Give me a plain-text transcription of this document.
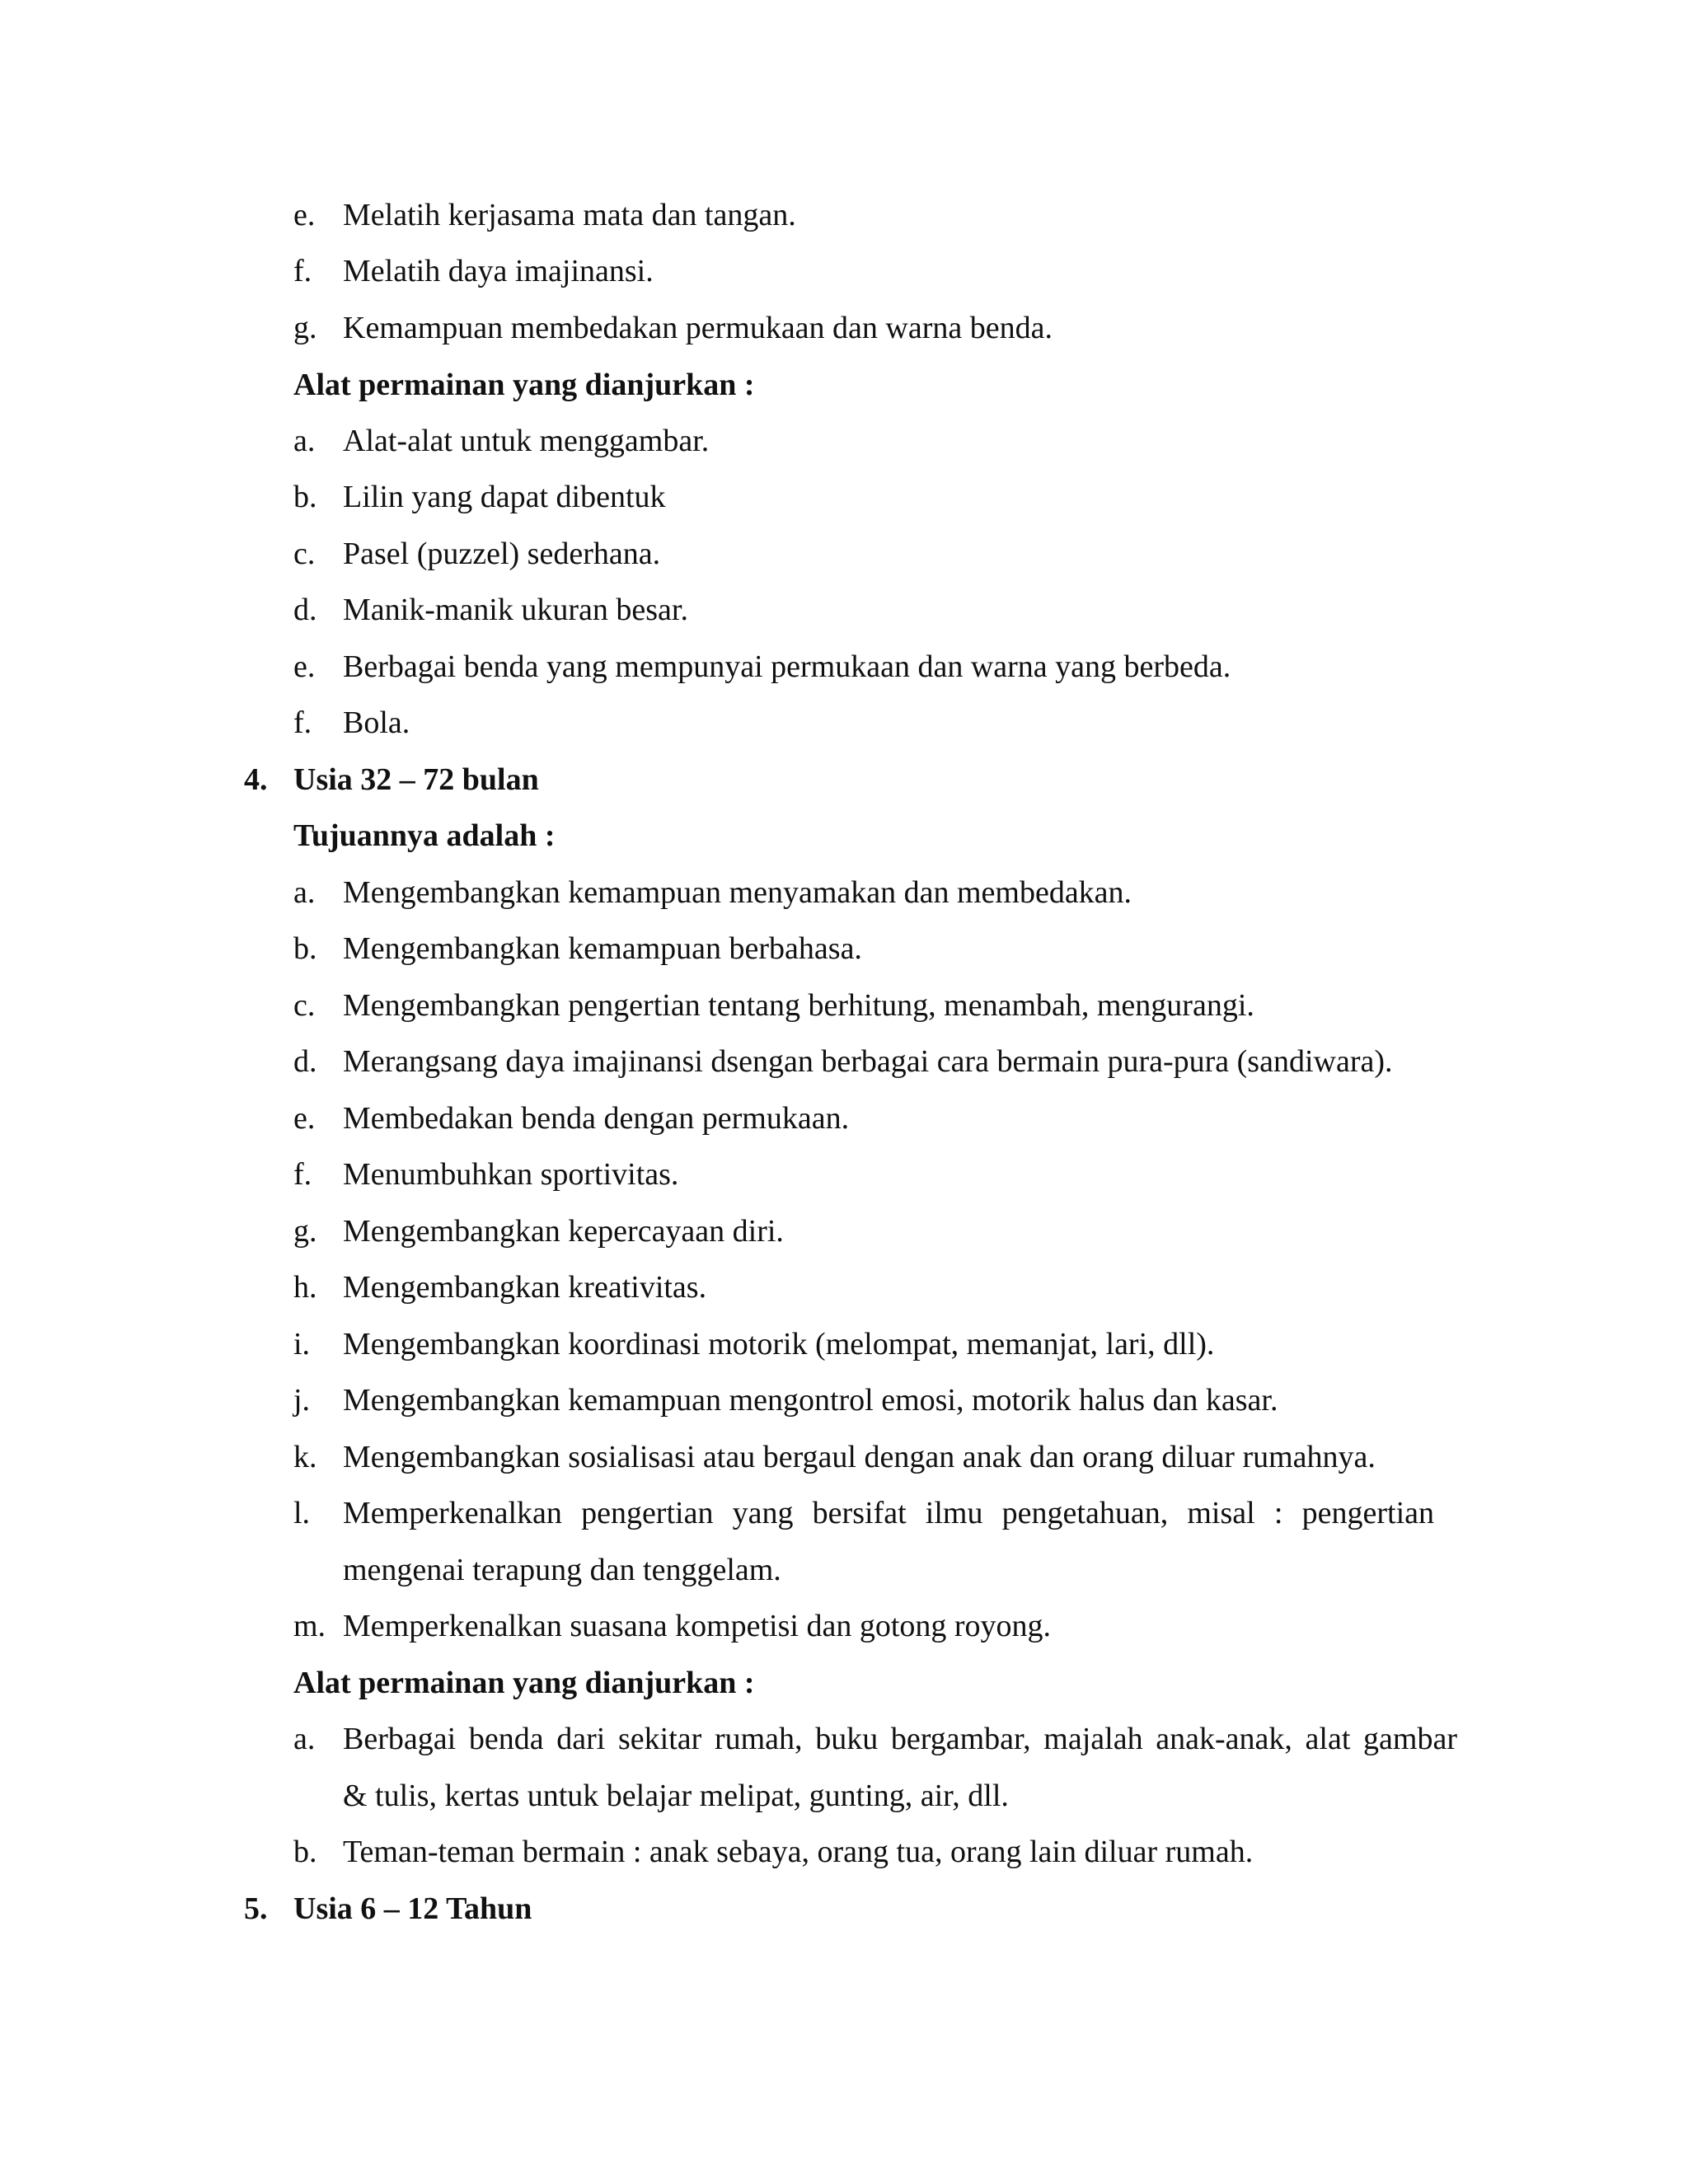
e. Melatih kerjasama mata dan tangan.
f. Melatih daya imajinansi.
g. Kemampuan membedakan permukaan dan warna benda.
Alat permainan yang dianjurkan :
a. Alat-alat untuk menggambar.
b. Lilin yang dapat dibentuk
c. Pasel (puzzel) sederhana.
d. Manik-manik ukuran besar.
e. Berbagai benda yang mempunyai permukaan dan warna yang berbeda.
f. Bola.
4. Usia 32 – 72 bulan
Tujuannya adalah :
a. Mengembangkan kemampuan menyamakan dan membedakan.
b. Mengembangkan kemampuan berbahasa.
c. Mengembangkan pengertian tentang berhitung, menambah, mengurangi.
d. Merangsang daya imajinansi dsengan berbagai cara bermain pura-pura (sandiwara).
e. Membedakan benda dengan permukaan.
f. Menumbuhkan sportivitas.
g. Mengembangkan kepercayaan diri.
h. Mengembangkan kreativitas.
i. Mengembangkan koordinasi motorik (melompat, memanjat, lari, dll).
j. Mengembangkan kemampuan mengontrol emosi, motorik halus dan kasar.
k. Mengembangkan sosialisasi atau bergaul dengan anak dan orang diluar rumahnya.
l. Memperkenalkan pengertian yang bersifat ilmu pengetahuan, misal : pengertian
mengenai terapung dan tenggelam.
m. Memperkenalkan suasana kompetisi dan gotong royong.
Alat permainan yang dianjurkan :
a. Berbagai benda dari sekitar rumah, buku bergambar, majalah anak-anak, alat gambar
& tulis, kertas untuk belajar melipat, gunting, air, dll.
b. Teman-teman bermain : anak sebaya, orang tua, orang lain diluar rumah.
5. Usia 6 – 12 Tahun
